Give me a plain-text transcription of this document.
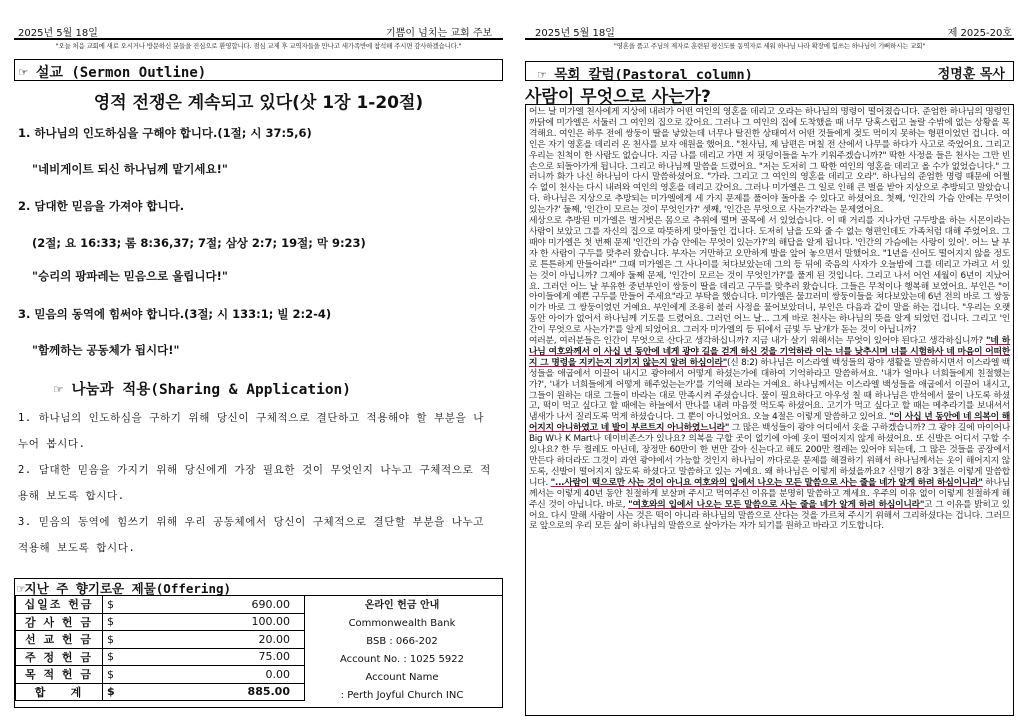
2025년 5월 18일	기쁨이 넘치는 교회 주보
"오늘 처음 교회에 새로 오시거나 방문하신 분들을 진심으로 환영합니다. 점심 교제 후 교역자들을 만나고 새가족반에 참석해 주시면 감사하겠습니다."
☞ 설교 (Sermon Outline)
영적 전쟁은 계속되고 있다(삿 1장 1-20절)
1. 하나님의 인도하심을 구해야 합니다.(1절; 시 37:5,6)
"네비게이트 되신 하나님께 맡기세요!"
2. 담대한 믿음을 가져야 합니다.
(2절; 요 16:33; 롬 8:36,37; 7절; 삼상 2:7; 19절; 막 9:23)
"승리의 팡파레는 믿음으로 울립니다!"
3. 믿음의 동역에 힘써야 합니다.(3절; 시 133:1; 빌 2:2-4)
"함께하는 공동체가 됩시다!"
☞ 나눔과 적용(Sharing & Application)
1. 하나님의 인도하심을 구하기 위해 당신이 구체적으로 결단하고 적용해야 할 부분을 나누어 봅시다.
2. 담대한 믿음을 가지기 위해 당신에게 가장 필요한 것이 무엇인지 나누고 구체적으로 적용해 보도록 합시다.
3. 믿음의 동역에 힘쓰기 위해 우리 공동체에서 당신이 구체적으로 결단할 부분을 나누고 적용해 보도록 합시다.
☞지난 주 향기로운 제물(Offering)
십일조 헌금	$	690.00
감 사 헌 금	$	100.00
선 교 헌 금	$	20.00
주 정 헌 금	$	75.00
목 적 헌 금	$	0.00
합    계	$	885.00
온라인 헌금 안내
Commonwealth Bank
BSB : 066-202
Account No. : 1025 5922
Account Name
: Perth Joyful Church INC
2025년 5월 18일	제 2025-20호
"영혼을 품고 주님의 제자로 훈련된 평신도를 동역자로 세워 하나님 나라 확장에 힘쓰는 하나님이 기뻐하시는 교회"
☞ 목회 칼럼(Pastoral column)	정명훈 목사
사람이 무엇으로 사는가?

어느 날 미가엘 천사에게 지상에 내려가 어떤 여인의 영혼을 데리고 오라는 하나님의 명령이 떨어졌습니다. 준엄한 하나님의 명령인 까닭에 미가엘은 서둘러 그 여인의 집으로 갔어요. 그러나 그 여인의 집에 도착했을 때 너무 당혹스럽고 놀랄 수밖에 없는 상황을 목격해요. 여인은 하루 전에 쌍둥이 딸을 낳았는데 너무나 탈진한 상태여서 어떤 것들에게 젖도 먹이지 못하는 형편이었던 겁니다. 여인은 자기 영혼을 데리러 온 천사를 보자 애원을 했어요. "천사님, 제 남편은 며칠 전 산에서 나무를 하다가 사고로 죽었어요. 그리고 우리는 친척이 한 사람도 없습니다. 지금 나를 데리고 가면 저 핏덩이들을 누가 키워주겠습니까?" 딱한 사정을 들은 천사는 그만 빈손으로 되돌아가게 됩니다. 그리고 하나님께 말씀을 드렸어요. "저는 도저히 그 딱한 여인의 영혼을 데리고 올 수가 없었습니다." 그러니까 화가 나신 하나님이 다시 말씀하셨어요. "가라. 그리고 그 여인의 영혼을 데리고 오라". 하나님의 준엄한 명령 때문에 어쩔 수 없이 천사는 다시 내려와 여인의 영혼을 데리고 갔어요. 그러나 미가엘은 그 일로 인해 큰 벌을 받아 지상으로 추방되고 말았습니다. 하나님은 지상으로 추방되는 미가엘에게 세 가지 문제를 풀어야 돌아올 수 있다고 하셨어요. 첫째, '인간의 가슴 안에는 무엇이 있는가?' 둘째, '인간이 모르는 것이 무엇인가?' 셋째, '인간은 무엇으로 사는가?'라는 문제였어요.

세상으로 추방된 미가엘은 벌거벗은 몸으로 추위에 떨며 골목에 서 있었습니다. 이 때 거리를 지나가던 구두방을 하는 시몬이라는 사람이 보았고 그를 자신의 집으로 따뜻하게 맞아들인 겁니다. 도저히 남을 도와 줄 수 없는 형편인데도 가족처럼 대해 주었어요. 그때야 미가엘은 첫 번째 문제 '인간의 가슴 안에는 무엇이 있는가?'의 해답을 알게 됩니다. '인간의 가슴에는 사랑이 있어'. 어느 날 부자 한 사람이 구두를 맞추러 왔습니다. 부자는 거만하고 오만하게 발을 앞어 놓으면서 말했어요. "1년을 신어도 떨어지지 않을 정도로 튼튼하게 만들어라!" 그때 미가엘은 그 사나이를 쳐다보았는데 그의 등 뒤에 죽음의 사자가 오늘밤에 그를 데리고 가려고 서 있는 것이 아닙니까? 그제야 둘째 문제, '인간이 모르는 것이 무엇인가?'를 풀게 된 것입니다. 그리고 나서 어언 세월이 6년이 지났어요. 그러던 어느 날 부유한 중년부인이 쌍둥이 딸을 데리고 구두를 맞추러 왔습니다. 그들은 무척이나 행복해 보였어요. 부인은 "이 아이들에게 예쁜 구두를 만들어 주세요"라고 부탁을 했습니다. 미가엘은 물끄러미 쌍둥이들을 쳐다보았는데 6년 전의 바로 그 쌍둥이가 바로 그 쌍둥이였던 거예요. 부인에게 조용히 불러 사정을 물어보았더니, 부인은 다음과 같이 말을 하는 겁니다. "우리는 오랫동안 아이가 없어서 하나님께 기도를 드렸어요. 그러던 어느 날... 그게 바로 천사는 하나님의 뜻을 알게 되었던 겁니다. 그리고 '인간이 무엇으로 사는가?'를 알게 되었어요. 그러자 미가엘의 등 뒤에서 금빛 두 날개가 돋는 것이 아닙니까?

여러분, 여러분들은 인간이 무엇으로 산다고 생각하십니까? 지금 내가 살기 위해서는 무엇이 있어야 된다고 생각하십니까? "네 하나님 여호와께서 이 사십 년 동안에 네게 광야 길을 걷게 하신 것을 기억하라 이는 너를 낮추시며 너를 시험하사 네 마음이 어떠한지 그 명령을 지키는지 지키지 않는지 알려 하심이라"(신 8:2) 하나님은 이스라엘 백성들의 광야 생활을 말씀하시면서 이스라엘 백성들을 애굽에서 이끌어 내시고 광야에서 어떻게 하셨는가에 대하여 기억하라고 말씀하셔요. '내가 얼마나 너희들에게 친절했는가?', '내가 너희들에게 어떻게 해주었는는가'를 기억해 보라는 거예요. 하나님께서는 이스라엘 백성들을 애굽에서 이끌어 내시고, 그들이 원하는 대로 그들이 바라는 대로 만족시켜 주셨습니다. 물이 필요하다고 아우성 칠 때 하나님은 반석에서 물이 나도록 하셨고, 떡이 먹고 싶다고 할 때에는 하늘에서 만나를 내려 마음껏 먹도록 하셨어요. 고기가 먹고 싶다고 할 때는 메추라기를 보내셔서 냄새가 나서 질리도록 먹게 하셨습니다. 그 뿐이 아니었어요. 오늘 4절은 이렇게 말씀하고 있어요. "이 사십 년 동안에 네 의복이 해어지지 아니하였고 네 발이 부르트지 아니하였느니라" 그 많은 백성들이 광야 어디에서 옷을 구하겠습니까? 그 광야 길에 마이어나 Big W나 K Mart나 데이비존스가 있나요? 의복을 구할 곳이 없기에 아예 옷이 떨어지지 않게 하셨어요. 또 신발은 어디서 구할 수 있나요? 한 두 켤레도 아닌데, 장정만 60만이 한 번만 갈아 신는다고 해도 200만 켤레는 있어야 되는데, 그 많은 것들을 공장에서 만든다 하더라도 그것이 과연 광야에서 가능할 것인지 하나님이 까다로운 문제를 해결하기 위해서 하나님께서는 옷이 해어지지 않도록, 신발이 떨어지지 않도록 하셨다고 말씀하고 있는 거예요. 왜 하나님은 이렇게 하셨을까요? 신명기 8장 3절은 이렇게 말씀합니다. "...사람이 떡으로만 사는 것이 아니요 여호와의 입에서 나오는 모든 말씀으로 사는 줄을 네가 알게 하려 하심이니라" 하나님께서는 이렇게 40년 동안 친절하게 보살펴 주시고 먹여주신 이유를 분명히 말씀하고 계세요. 우주의 이유 없이 이렇게 친절하게 해 주신 것이 아닙니다. 바로, "여호와의 입에서 나오는 모든 말씀으로 사는 줄을 네가 알게 하려 하심이니라"고 그 이유를 밝히고 있어요. 다시 말해 사람이 사는 것은 떡이 아니라 하나님의 말씀으로 산다는 것을 가르쳐 주시기 위해서 그리하셨다는 겁니다. 그러므로 앞으로의 우리 모든 삶이 하나님의 말씀으로 살아가는 자가 되기를 원하고 바라고 기도합니다.
